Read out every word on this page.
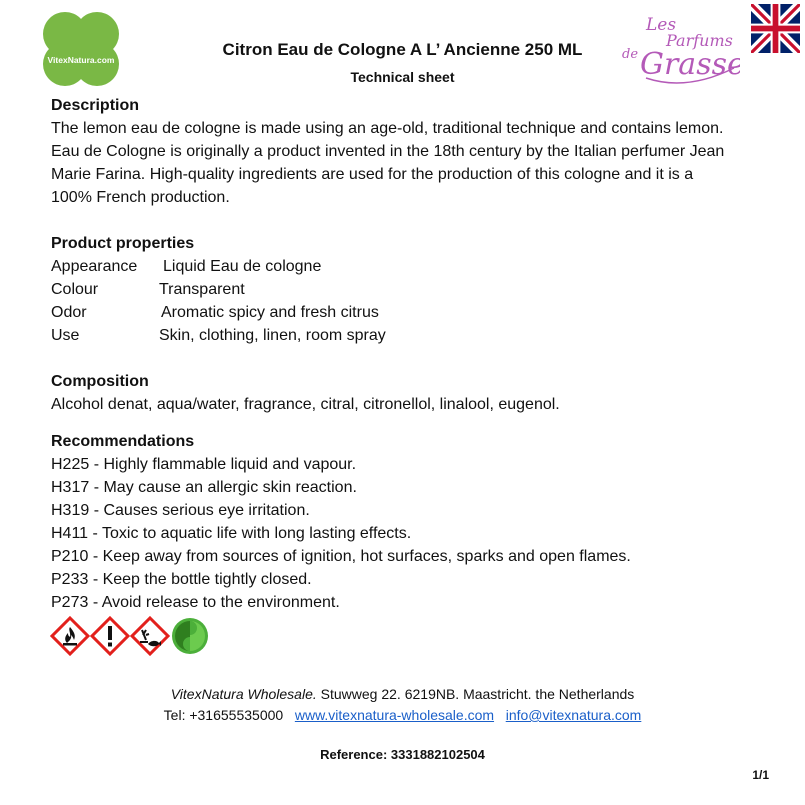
VitexNatura.com
Citron Eau de Cologne A L’ Ancienne 250 ML
Technical sheet
Les
Parfums
de Grasse
Description
The lemon eau de cologne is made using an age-old, traditional technique and contains lemon.
Eau de Cologne is originally a product invented in the 18th century by the Italian perfumer Jean
Marie Farina. High-quality ingredients are used for the production of this cologne and it is a
100% French production.
Product properties
Appearance	Liquid Eau de cologne
Colour	Transparent
Odor	Aromatic spicy and fresh citrus
Use	Skin, clothing, linen, room spray
Composition
Alcohol denat, aqua/water, fragrance, citral, citronellol, linalool, eugenol.
Recommendations
H225 - Highly flammable liquid and vapour.
H317 - May cause an allergic skin reaction.
H319 - Causes serious eye irritation.
H411 - Toxic to aquatic life with long lasting effects.
P210 - Keep away from sources of ignition, hot surfaces, sparks and open flames.
P233 - Keep the bottle tightly closed.
P273 - Avoid release to the environment.
VitexNatura Wholesale. Stuwweg 22. 6219NB. Maastricht. the Netherlands
Tel: +31655535000 www.vitexnatura-wholesale.com info@vitexnatura.com
Reference: 3331882102504
1/1
